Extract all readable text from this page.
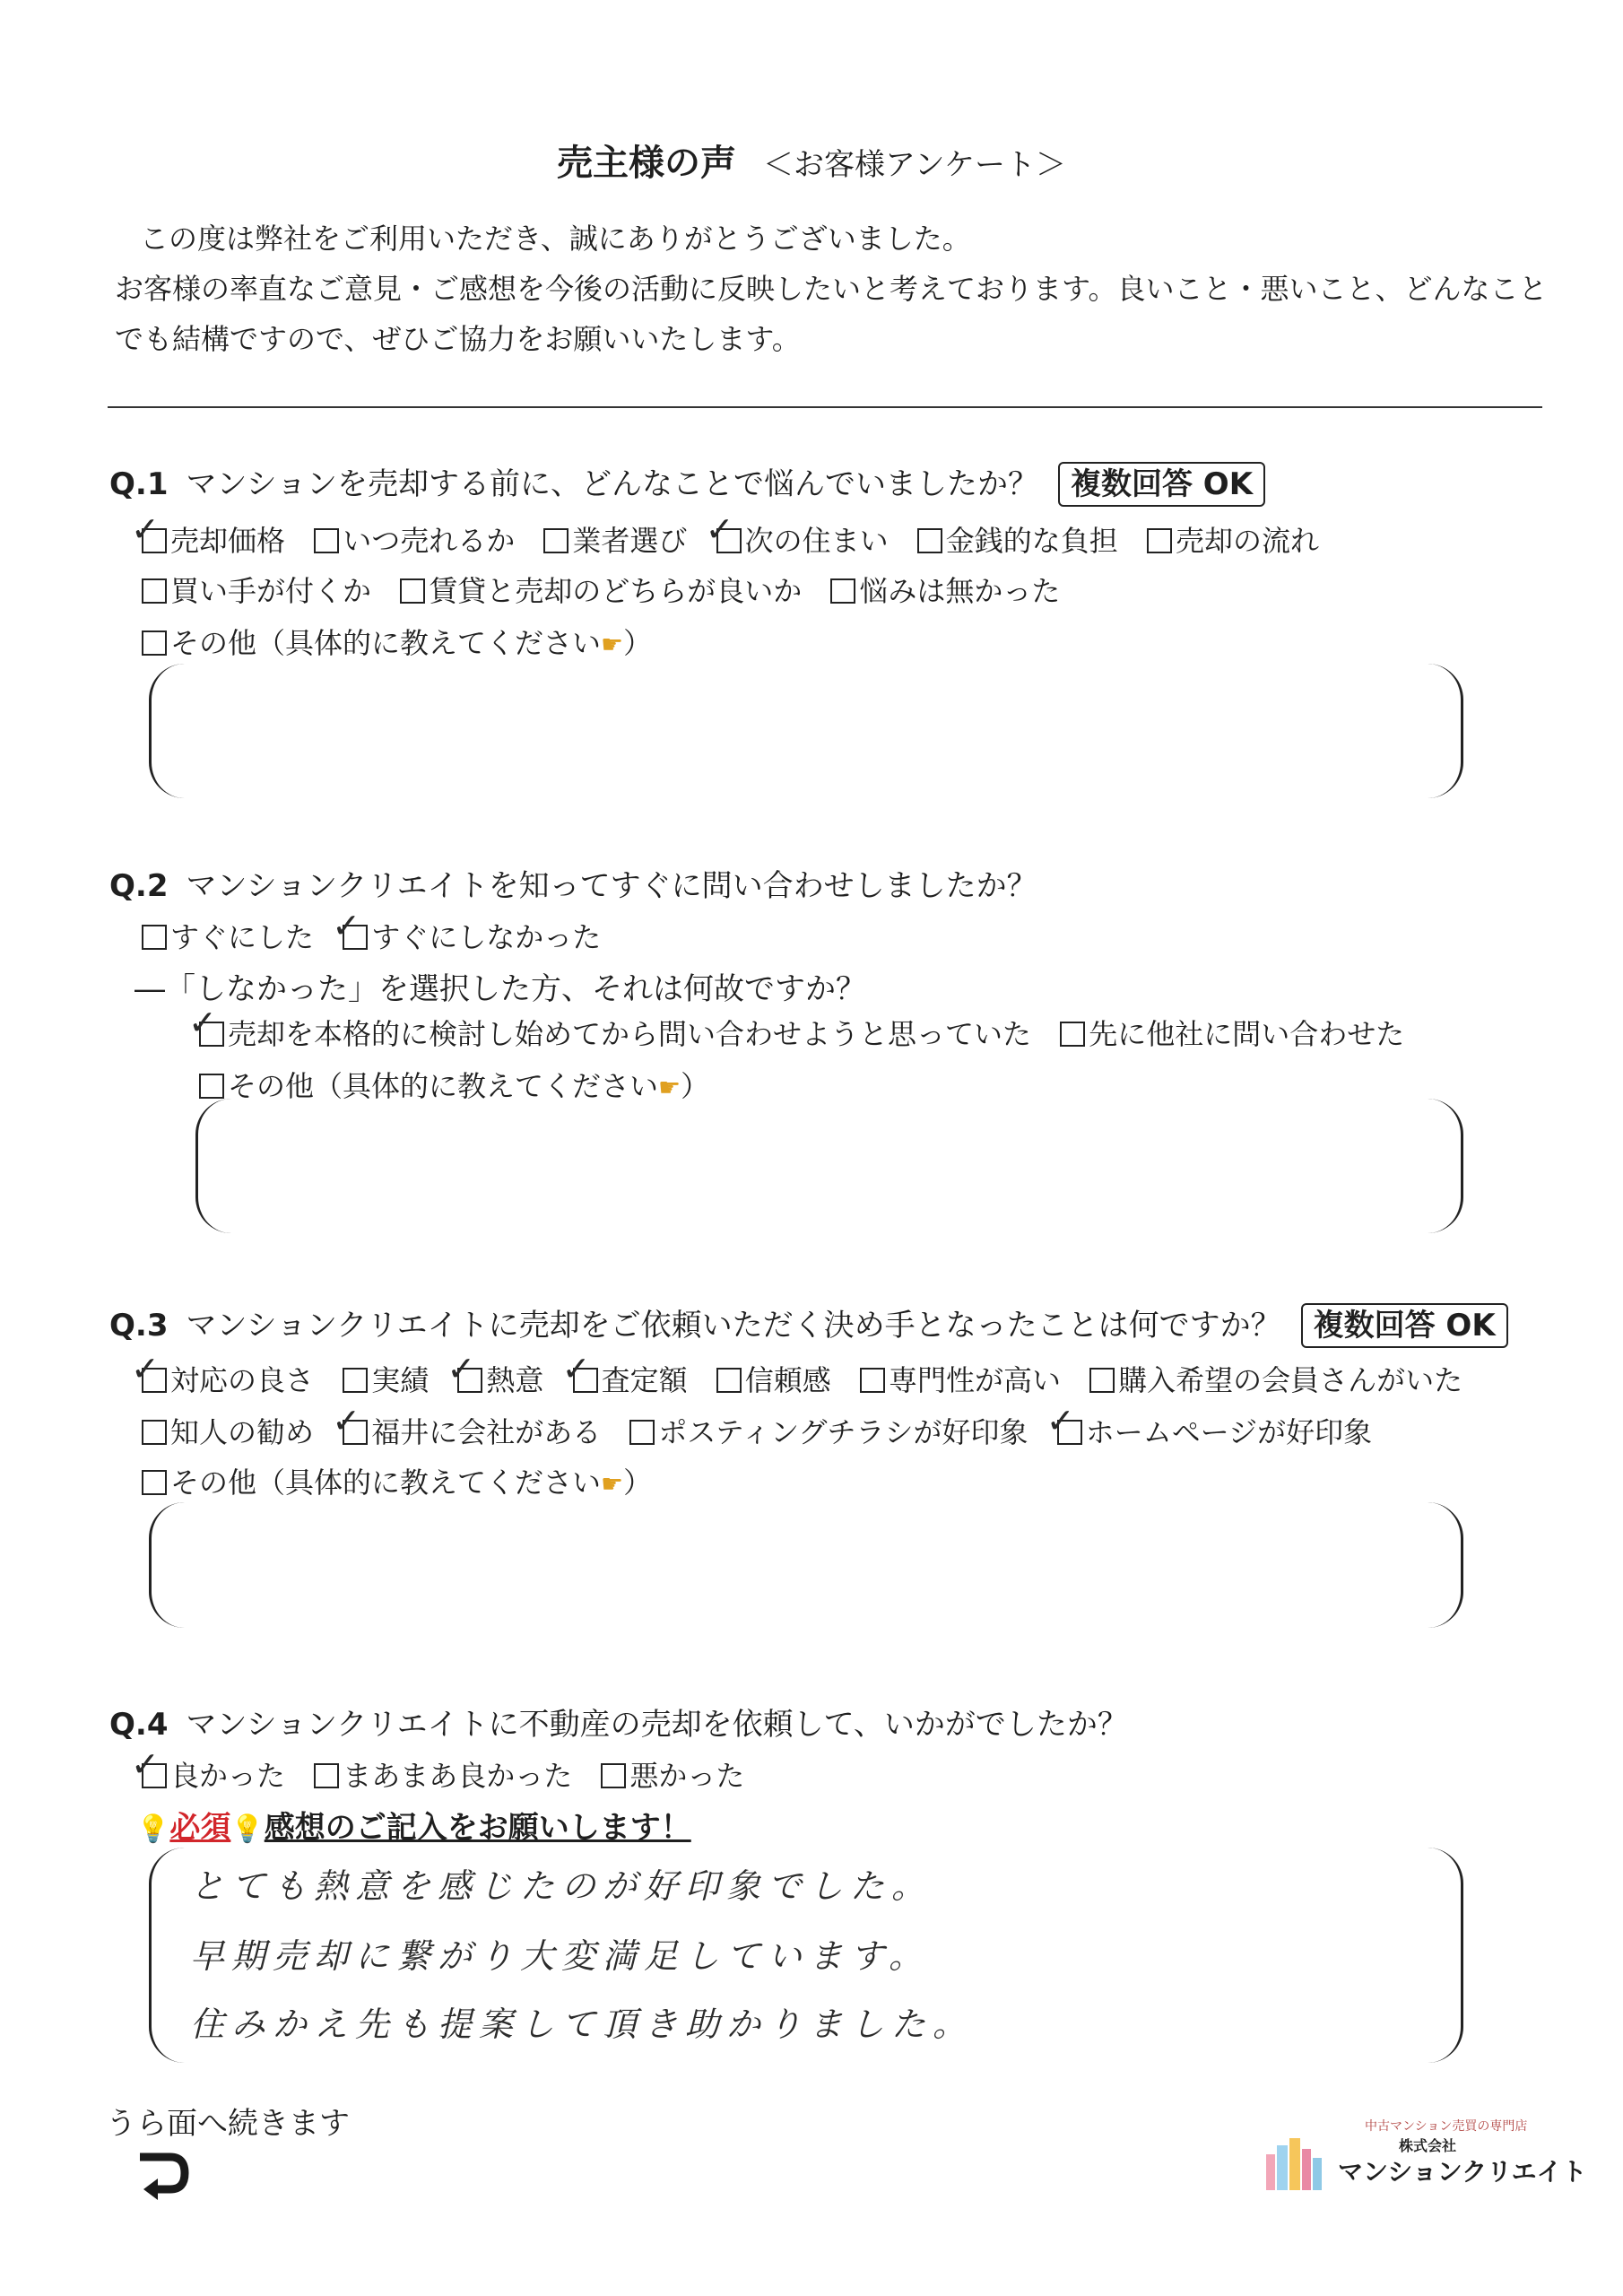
売主様の声 ＜お客様アンケート＞
この度は弊社をご利用いただき、誠にありがとうございました。
お客様の率直なご意見・ご感想を今後の活動に反映したいと考えております。良いこと・悪いこと、どんなこと
でも結構ですので、ぜひご協力をお願いいたします。
Q.1 マンションを売却する前に、どんなことで悩んでいましたか？ 複数回答 OK
✓ 売却価格 いつ売れるか 業者選び ✓ 次の住まい 金銭的な負担 売却の流れ
買い手が付くか 賃貸と売却のどちらが良いか 悩みは無かった
その他（具体的に教えてください☛）
Q.2 マンションクリエイトを知ってすぐに問い合わせしましたか？
すぐにした ✓ すぐにしなかった
―「しなかった」を選択した方、それは何故ですか？
✓ 売却を本格的に検討し始めてから問い合わせようと思っていた 先に他社に問い合わせた
その他（具体的に教えてください☛）
Q.3 マンションクリエイトに売却をご依頼いただく決め手となったことは何ですか？ 複数回答 OK
✓ 対応の良さ 実績 ✓ 熱意 ✓ 査定額 信頼感 専門性が高い 購入希望の会員さんがいた
知人の勧め ✓ 福井に会社がある ポスティングチラシが好印象 ✓ ホームページが好印象
その他（具体的に教えてください☛）
Q.4 マンションクリエイトに不動産の売却を依頼して、いかがでしたか？
✓ 良かった まあまあ良かった 悪かった
💡必須💡感想のご記入をお願いします！
とても熱意を感じたのが好印象でした。
早期売却に繋がり大変満足しています。
住みかえ先も提案して頂き助かりました。
うら面へ続きます	中古マンション売買の専門店
株式会社
マンションクリエイト
